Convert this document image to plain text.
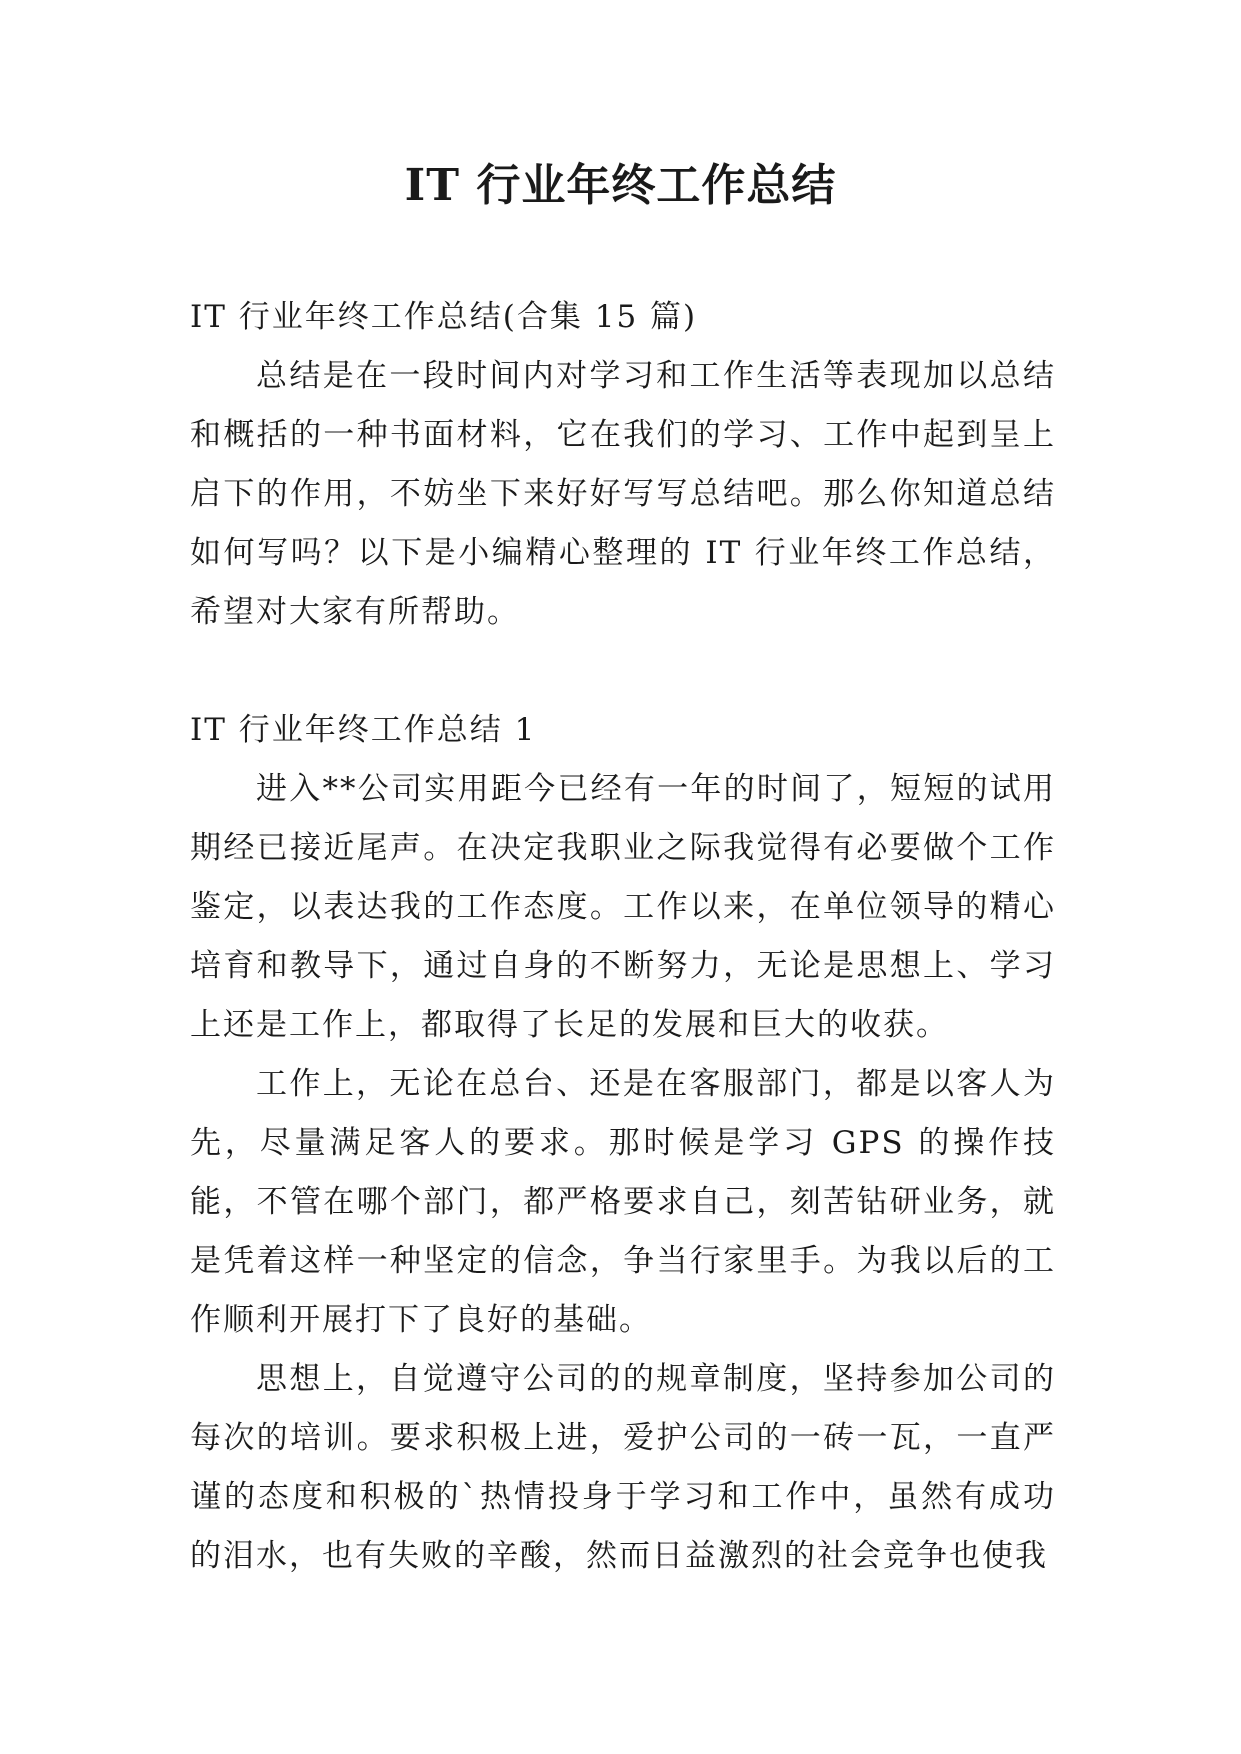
IT 行业年终工作总结

IT 行业年终工作总结(合集 15 篇)

总结是在一段时间内对学习和工作生活等表现加以总结和概括的一种书面材料，它在我们的学习、工作中起到呈上启下的作用，不妨坐下来好好写写总结吧。那么你知道总结如何写吗？以下是小编精心整理的 IT 行业年终工作总结，希望对大家有所帮助。

IT 行业年终工作总结 1

进入**公司实用距今已经有一年的时间了，短短的试用期经已接近尾声。在决定我职业之际我觉得有必要做个工作鉴定，以表达我的工作态度。工作以来，在单位领导的精心培育和教导下，通过自身的不断努力，无论是思想上、学习上还是工作上，都取得了长足的发展和巨大的收获。

工作上，无论在总台、还是在客服部门，都是以客人为先，尽量满足客人的要求。那时候是学习 GPS 的操作技能，不管在哪个部门，都严格要求自己，刻苦钻研业务，就是凭着这样一种坚定的信念，争当行家里手。为我以后的工作顺利开展打下了良好的基础。

思想上，自觉遵守公司的的规章制度，坚持参加公司的每次的培训。要求积极上进，爱护公司的一砖一瓦，一直严谨的态度和积极的`热情投身于学习和工作中，虽然有成功的泪水，也有失败的辛酸，然而日益激烈的社会竞争也使我
